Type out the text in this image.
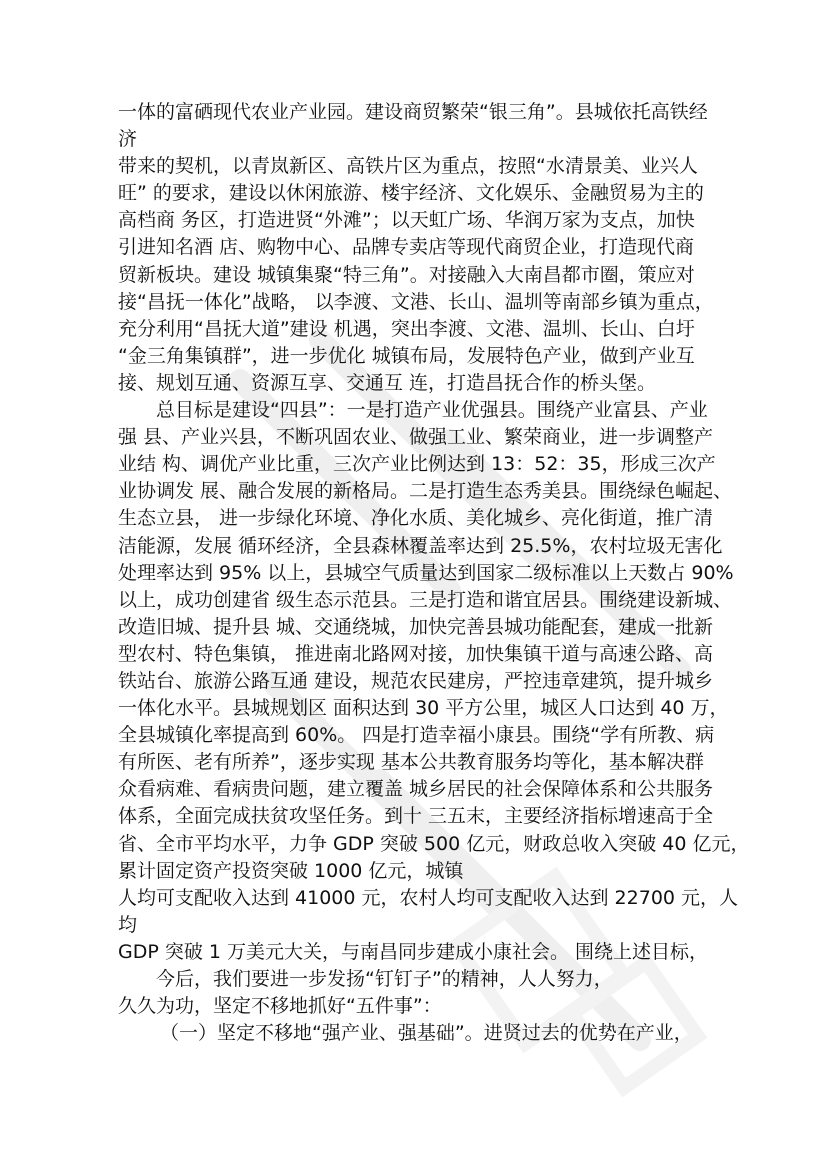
一体的富硒现代农业产业园。建设商贸繁荣“银三角”。县城依托高铁经
济
带来的契机，以青岚新区、高铁片区为重点，按照“水清景美、业兴人
旺” 的要求，建设以休闲旅游、楼宇经济、文化娱乐、金融贸易为主的
高档商 务区，打造进贤“外滩”；以天虹广场、华润万家为支点，加快
引进知名酒 店、购物中心、品牌专卖店等现代商贸企业，打造现代商
贸新板块。建设 城镇集聚“特三角”。对接融入大南昌都市圈，策应对
接“昌抚一体化”战略， 以李渡、文港、长山、温圳等南部乡镇为重点，
充分利用“昌抚大道”建设 机遇，突出李渡、文港、温圳、长山、白圩
“金三角集镇群”，进一步优化 城镇布局，发展特色产业，做到产业互
接、规划互通、资源互享、交通互 连，打造昌抚合作的桥头堡。
总目标是建设“四县”：一是打造产业优强县。围绕产业富县、产业
强 县、产业兴县，不断巩固农业、做强工业、繁荣商业，进一步调整产
业结 构、调优产业比重，三次产业比例达到 13：52：35，形成三次产
业协调发 展、融合发展的新格局。二是打造生态秀美县。围绕绿色崛起、
生态立县， 进一步绿化环境、净化水质、美化城乡、亮化街道，推广清
洁能源，发展 循环经济，全县森林覆盖率达到 25.5%，农村垃圾无害化
处理率达到 95% 以上，县城空气质量达到国家二级标准以上天数占 90%
以上，成功创建省 级生态示范县。三是打造和谐宜居县。围绕建设新城、
改造旧城、提升县 城、交通绕城，加快完善县城功能配套，建成一批新
型农村、特色集镇， 推进南北路网对接，加快集镇干道与高速公路、高
铁站台、旅游公路互通 建设，规范农民建房，严控违章建筑，提升城乡
一体化水平。县城规划区 面积达到 30 平方公里，城区人口达到 40 万，
全县城镇化率提高到 60%。 四是打造幸福小康县。围绕“学有所教、病
有所医、老有所养”，逐步实现 基本公共教育服务均等化，基本解决群
众看病难、看病贵问题，建立覆盖 城乡居民的社会保障体系和公共服务
体系，全面完成扶贫攻坚任务。到十 三五末，主要经济指标增速高于全
省、全市平均水平，力争 GDP 突破 500 亿元，财政总收入突破 40 亿元，
累计固定资产投资突破 1000 亿元，城镇
人均可支配收入达到 41000 元，农村人均可支配收入达到 22700 元，人
均
GDP 突破 1 万美元大关，与南昌同步建成小康社会。 围绕上述目标，
今后，我们要进一步发扬“钉钉子”的精神，人人努力，
久久为功，坚定不移地抓好“五件事”：
（一）坚定不移地“强产业、强基础”。进贤过去的优势在产业，
